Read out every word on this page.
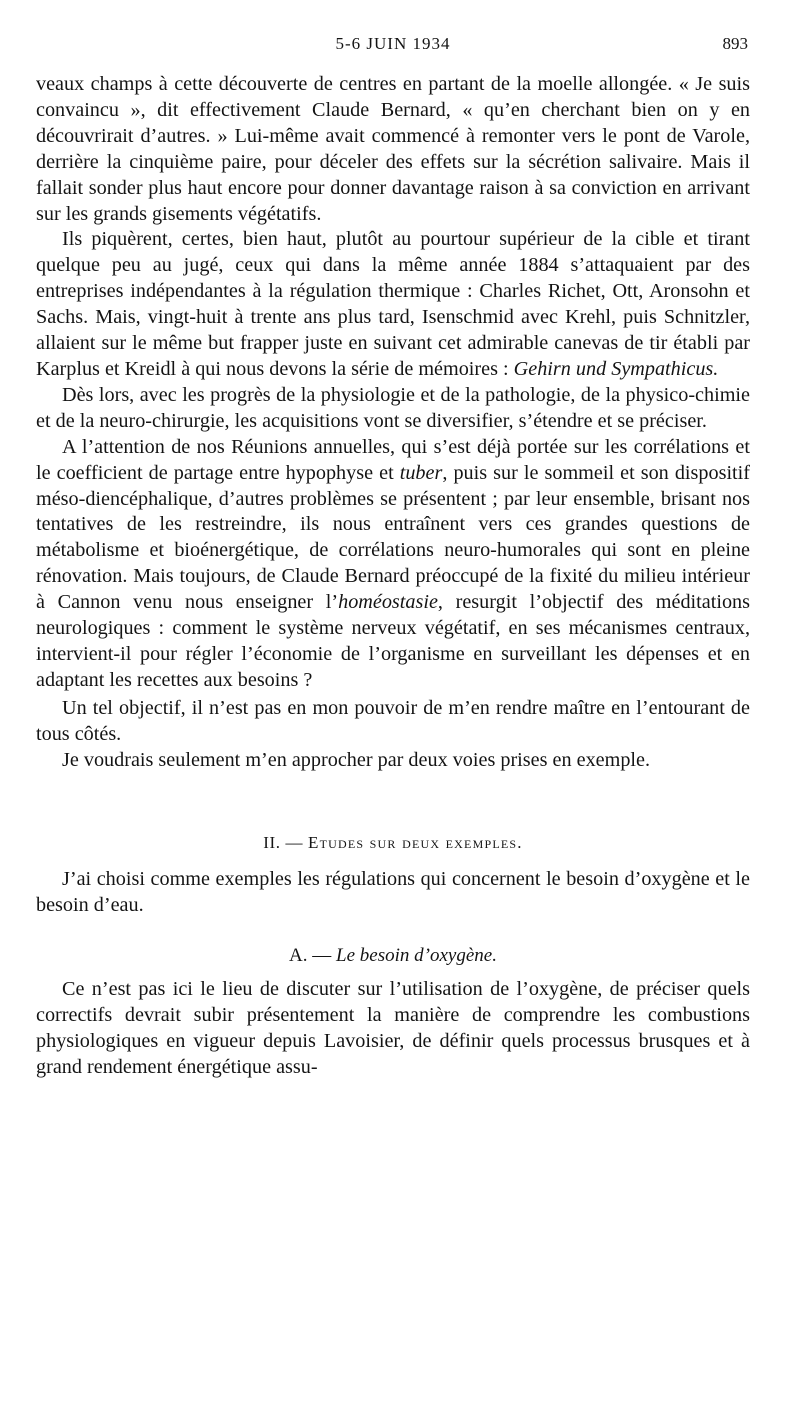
5-6 JUIN 1934	893

veaux champs à cette découverte de centres en partant de la moelle allongée. « Je suis convaincu », dit effectivement Claude Bernard, « qu’en cherchant bien on y en découvrirait d’autres. » Lui-même avait commencé à remonter vers le pont de Varole, derrière la cinquième paire, pour déceler des effets sur la sécrétion salivaire. Mais il fallait sonder plus haut encore pour donner davantage raison à sa conviction en arrivant sur les grands gisements végétatifs.

Ils piquèrent, certes, bien haut, plutôt au pourtour supérieur de la cible et tirant quelque peu au jugé, ceux qui dans la même année 1884 s’attaquaient par des entreprises indépendantes à la régulation thermique : Charles Richet, Ott, Aronsohn et Sachs. Mais, vingt-huit à trente ans plus tard, Isenschmid avec Krehl, puis Schnitzler, allaient sur le même but frapper juste en suivant cet admirable canevas de tir établi par Karplus et Kreidl à qui nous devons la série de mémoires : Gehirn und Sympathicus.

Dès lors, avec les progrès de la physiologie et de la pathologie, de la physico-chimie et de la neuro-chirurgie, les acquisitions vont se diversifier, s’étendre et se préciser.

A l’attention de nos Réunions annuelles, qui s’est déjà portée sur les corrélations et le coefficient de partage entre hypophyse et tuber, puis sur le sommeil et son dispositif méso-diencéphalique, d’autres problèmes se présentent ; par leur ensemble, brisant nos tentatives de les restreindre, ils nous entraînent vers ces grandes questions de métabolisme et bioénergétique, de corrélations neuro-humorales qui sont en pleine rénovation. Mais toujours, de Claude Bernard préoccupé de la fixité du milieu intérieur à Cannon venu nous enseigner l’homéostasie, resurgit l’objectif des méditations neurologiques : comment le système nerveux végétatif, en ses mécanismes centraux, intervient-il pour régler l’économie de l’organisme en surveillant les dépenses et en adaptant les recettes aux besoins ?

Un tel objectif, il n’est pas en mon pouvoir de m’en rendre maître en l’entourant de tous côtés.

Je voudrais seulement m’en approcher par deux voies prises en exemple.

II. — Etudes sur deux exemples.

J’ai choisi comme exemples les régulations qui concernent le besoin d’oxygène et le besoin d’eau.

A. — Le besoin d’oxygène.

Ce n’est pas ici le lieu de discuter sur l’utilisation de l’oxygène, de préciser quels correctifs devrait subir présentement la manière de comprendre les combustions physiologiques en vigueur depuis Lavoisier, de définir quels processus brusques et à grand rendement énergétique assu-
